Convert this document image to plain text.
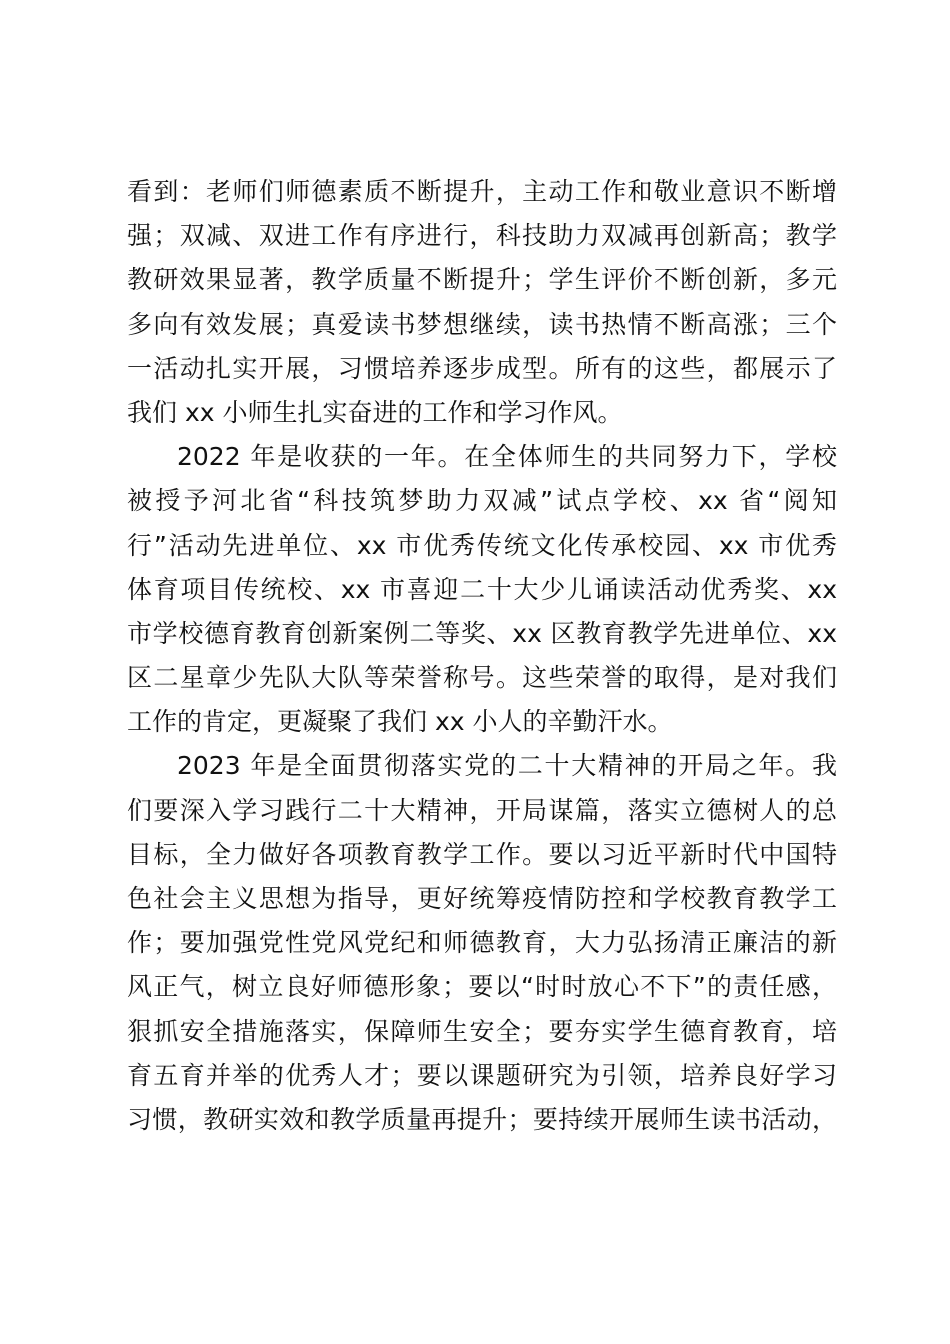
看到：老师们师德素质不断提升，主动工作和敬业意识不断增
强；双减、双进工作有序进行，科技助力双减再创新高；教学
教研效果显著，教学质量不断提升；学生评价不断创新，多元
多向有效发展；真爱读书梦想继续，读书热情不断高涨；三个
一活动扎实开展，习惯培养逐步成型。所有的这些，都展示了
我们 xx 小师生扎实奋进的工作和学习作风。
2022 年是收获的一年。在全体师生的共同努力下，学校
被授予河北省“科技筑梦助力双减”试点学校、xx 省“阅知
行”活动先进单位、xx 市优秀传统文化传承校园、xx 市优秀
体育项目传统校、xx 市喜迎二十大少儿诵读活动优秀奖、xx
市学校德育教育创新案例二等奖、xx 区教育教学先进单位、xx
区二星章少先队大队等荣誉称号。这些荣誉的取得，是对我们
工作的肯定，更凝聚了我们 xx 小人的辛勤汗水。
2023 年是全面贯彻落实党的二十大精神的开局之年。我
们要深入学习践行二十大精神，开局谋篇，落实立德树人的总
目标，全力做好各项教育教学工作。要以习近平新时代中国特
色社会主义思想为指导，更好统筹疫情防控和学校教育教学工
作；要加强党性党风党纪和师德教育，大力弘扬清正廉洁的新
风正气，树立良好师德形象；要以“时时放心不下”的责任感，
狠抓安全措施落实，保障师生安全；要夯实学生德育教育，培
育五育并举的优秀人才；要以课题研究为引领，培养良好学习
习惯，教研实效和教学质量再提升；要持续开展师生读书活动，
